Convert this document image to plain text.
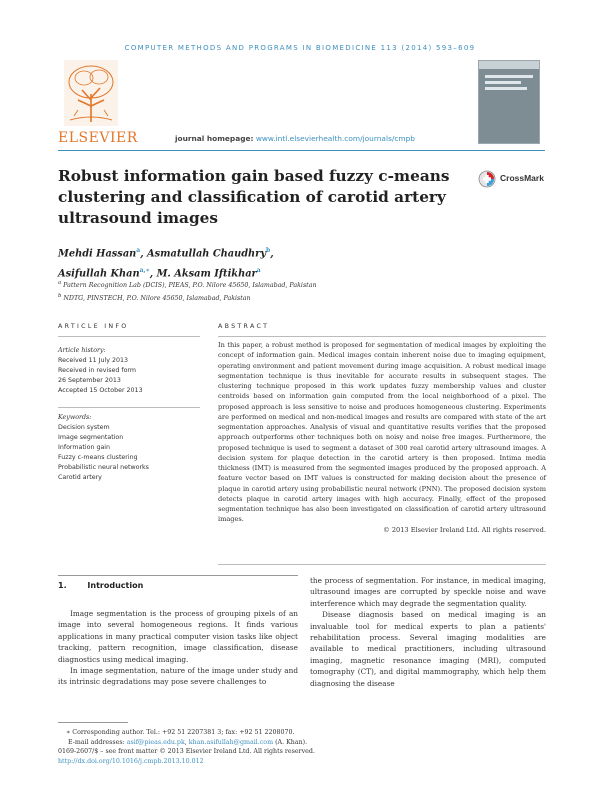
COMPUTER METHODS AND PROGRAMS IN BIOMEDICINE 113 (2014) 593–609
ELSEVIER	journal homepage: www.intl.elsevierhealth.com/journals/cmpb
Robust information gain based fuzzy c-means clustering and classification of carotid artery ultrasound images
CrossMark
Mehdi Hassan$^a$, Asmatullah Chaudhry$^b$,
Asifullah Khan$^{a,∗}$, M. Aksam Iftikhar$^a$
$^a$ Pattern Recognition Lab (DCIS), PIEAS, P.O. Nilore 45650, Islamabad, Pakistan
$^b$ NDTG, PINSTECH, P.O. Nilore 45650, Islamabad, Pakistan
ARTICLE INFO
Article history:
Received 11 July 2013
Received in revised form
26 September 2013
Accepted 15 October 2013
Keywords:
Decision system
Image segmentation
Information gain
Fuzzy c-means clustering
Probabilistic neural networks
Carotid artery
ABSTRACT
In this paper, a robust method is proposed for segmentation of medical images by exploiting the concept of information gain. Medical images contain inherent noise due to imaging equipment, operating environment and patient movement during image acquisition. A robust medical image segmentation technique is thus inevitable for accurate results in subsequent stages. The clustering technique proposed in this work updates fuzzy membership values and cluster centroids based on information gain computed from the local neighborhood of a pixel. The proposed approach is less sensitive to noise and produces homogeneous clustering. Experiments are performed on medical and non-medical images and results are compared with state of the art segmentation approaches. Analysis of visual and quantitative results verifies that the proposed approach outperforms other techniques both on noisy and noise free images. Furthermore, the proposed technique is used to segment a dataset of 300 real carotid artery ultrasound images. A decision system for plaque detection in the carotid artery is then proposed. Intima media thickness (IMT) is measured from the segmented images produced by the proposed approach. A feature vector based on IMT values is constructed for making decision about the presence of plaque in carotid artery using probabilistic neural network (PNN). The proposed decision system detects plaque in carotid artery images with high accuracy. Finally, effect of the proposed segmentation technique has also been investigated on classification of carotid artery ultrasound images.
© 2013 Elsevier Ireland Ltd. All rights reserved.
1.	Introduction

Image segmentation is the process of grouping pixels of an image into several homogeneous regions. It finds various applications in many practical computer vision tasks like object tracking, pattern recognition, image classification, disease diagnostics using medical imaging.

In image segmentation, nature of the image under study and its intrinsic degradations may pose severe challenges to

the process of segmentation. For instance, in medical imaging, ultrasound images are corrupted by speckle noise and wave interference which may degrade the segmentation quality.

Disease diagnosis based on medical imaging is an invaluable tool for medical experts to plan a patients' rehabilitation process. Several imaging modalities are available to medical practitioners, including ultrasound imaging, magnetic resonance imaging (MRI), computed tomography (CT), and digital mammography, which help them diagnosing the disease

∗ Corresponding author. Tel.: +92 51 2207381 3; fax: +92 51 2208070.
E-mail addresses: asif@pieas.edu.pk, khan.asifullah@gmail.com (A. Khan).
0169-2607/$ – see front matter © 2013 Elsevier Ireland Ltd. All rights reserved.
http://dx.doi.org/10.1016/j.cmpb.2013.10.012
